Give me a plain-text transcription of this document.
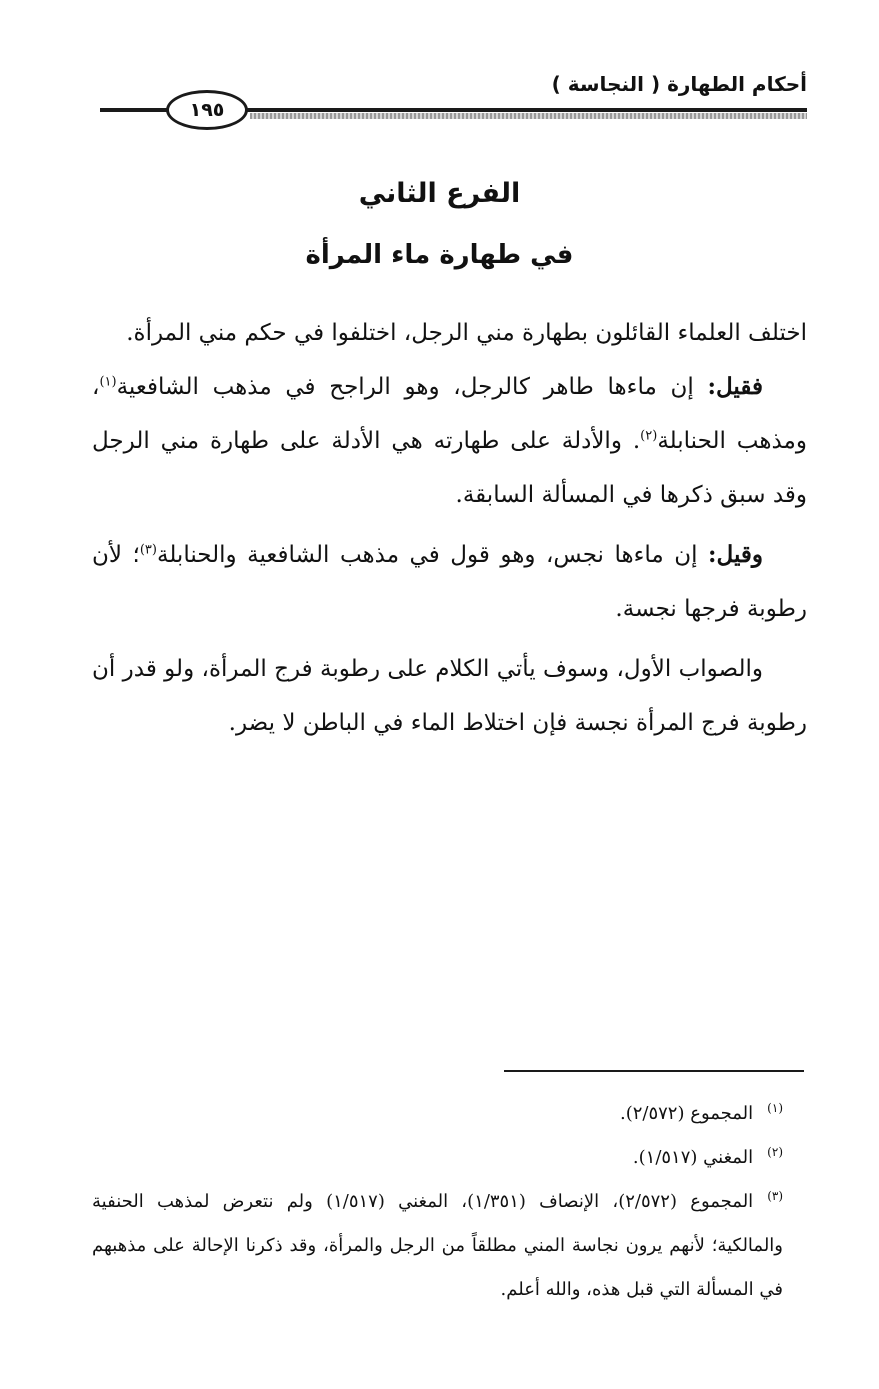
أحكام الطهارة ( النجاسة )
١٩٥
الفرع الثاني
في طهارة ماء المرأة

اختلف العلماء القائلون بطهارة مني الرجل، اختلفوا في حكم مني المرأة.

فقيل: إن ماءها طاهر كالرجل، وهو الراجح في مذهب الشافعية$^{(١)}$، ومذهب الحنابلة$^{(٢)}$. والأدلة على طهارته هي الأدلة على طهارة مني الرجل وقد سبق ذكرها في المسألة السابقة.

وقيل: إن ماءها نجس، وهو قول في مذهب الشافعية والحنابلة$^{(٣)}$؛ لأن رطوبة فرجها نجسة.

والصواب الأول، وسوف يأتي الكلام على رطوبة فرج المرأة، ولو قدر أن رطوبة فرج المرأة نجسة فإن اختلاط الماء في الباطن لا يضر.

$^{(١)}$المجموع (٢/٥٧٢).

$^{(٢)}$المغني (١/٥١٧).

$^{(٣)}$المجموع (٢/٥٧٢)، الإنصاف (١/٣٥١)، المغني (١/٥١٧) ولم نتعرض لمذهب الحنفية والمالكية؛ لأنهم يرون نجاسة المني مطلقاً من الرجل والمرأة، وقد ذكرنا الإحالة على مذهبهم في المسألة التي قبل هذه، والله أعلم.
